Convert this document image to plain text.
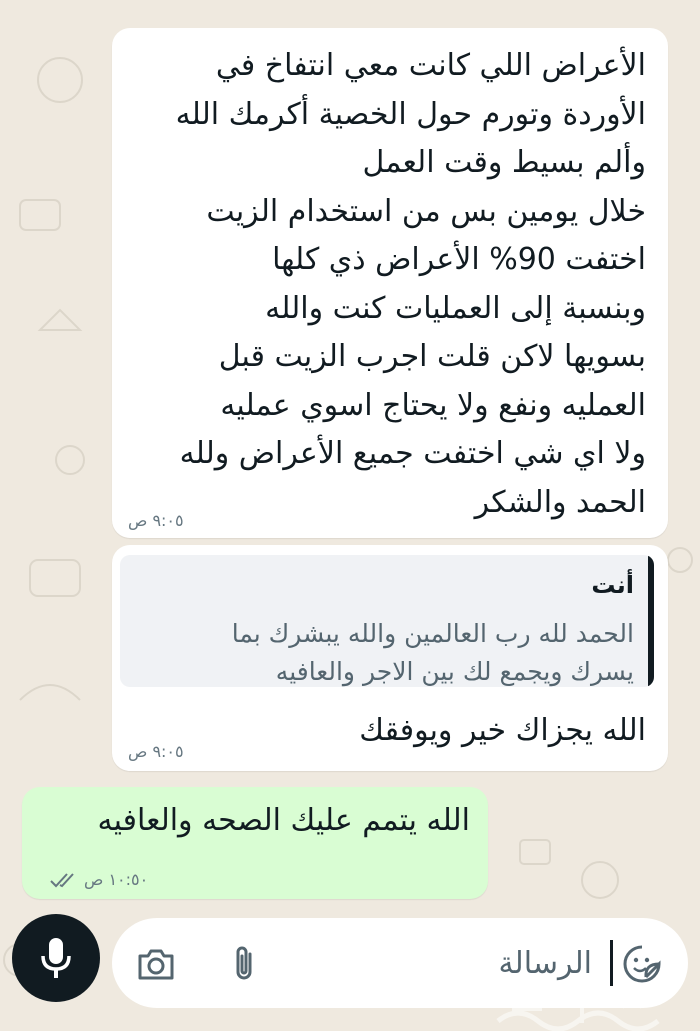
الأعراض اللي كانت معي انتفاخ في
الأوردة وتورم حول الخصية أكرمك الله
وألم بسيط وقت العمل
خلال يومين بس من استخدام الزيت
اختفت 90% الأعراض ذي كلها
وبنسبة إلى العمليات كنت والله
بسويها لاكن قلت اجرب الزيت قبل
العمليه ونفع ولا يحتاج اسوي عمليه
ولا اي شي اختفت جميع الأعراض ولله
الحمد والشكر
٩:٠٥ ص
أنت
الحمد لله رب العالمين والله يبشرك بما
يسرك ويجمع لك بين الاجر والعافيه
الله يجزاك خير ويوفقك
٩:٠٥ ص
الله يتمم عليك الصحه والعافيه
١٠:٥٠ ص
الرسالة
